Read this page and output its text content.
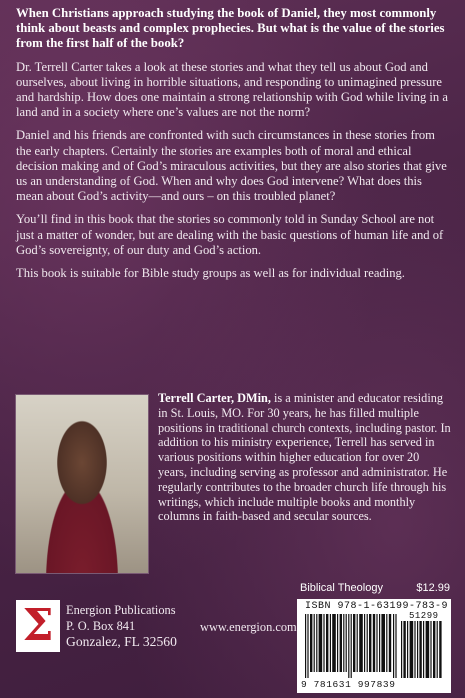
When Christians approach studying the book of Daniel, they most commonly think about beasts and complex prophecies. But what is the value of the stories from the first half of the book?

Dr. Terrell Carter takes a look at these stories and what they tell us about God and ourselves, about living in horrible situations, and responding to unimagined pressure and hardship. How does one maintain a strong relationship with God while living in a land and in a society where one’s values are not the norm?

Daniel and his friends are confronted with such circumstances in these stories from the early chapters. Certainly the stories are examples both of moral and ethical decision making and of God’s miraculous activities, but they are also stories that give us an understanding of God. When and why does God intervene? What does this mean about God’s activity—and ours – on this troubled planet?

You’ll find in this book that the stories so commonly told in Sunday School are not just a matter of wonder, but are dealing with the basic questions of human life and of God’s sovereignty, of our duty and God’s action.

This book is suitable for Bible study groups as well as for individual reading.

Terrell Carter, DMin, is a minister and educator residing in St. Louis, MO. For 30 years, he has filled multiple positions in traditional church contexts, including pastor. In addition to his ministry experience, Terrell has served in various positions within higher education for over 20 years, including serving as professor and administrator. He regularly contributes to the broader church life through his writings, which include multiple books and monthly columns in faith-based and secular sources.

Biblical Theology	$12.99
Σ Energion Publications
P. O. Box 841
Gonzalez, FL 32560
www.energion.com
ISBN 978-1-63199-783-9
51299
9 781631 997839
